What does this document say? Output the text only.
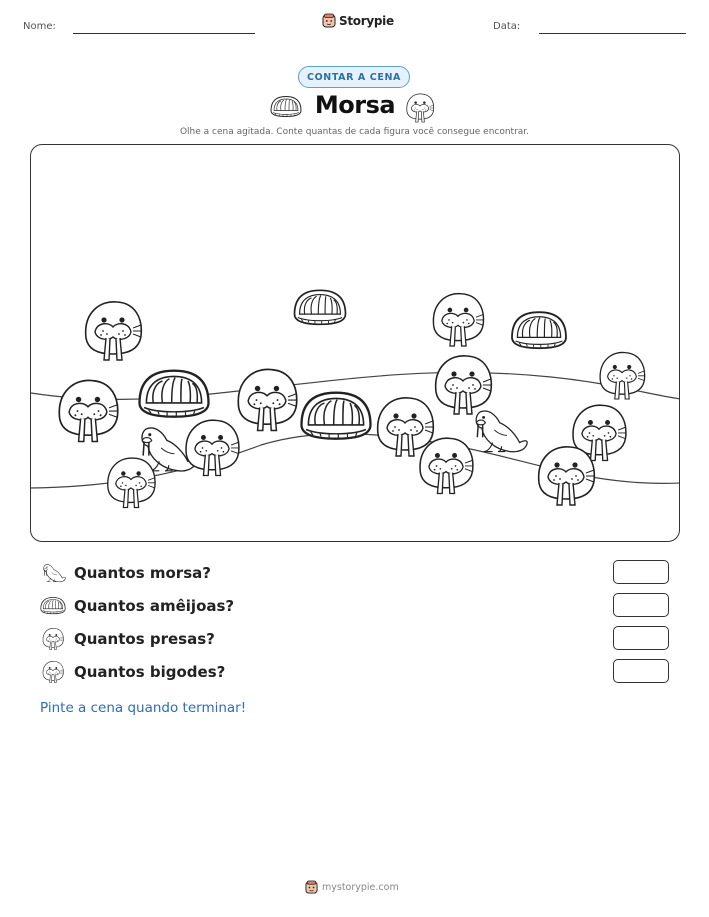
Nome:	Storypie	Data:
CONTAR A CENA
Morsa
Olhe a cena agitada. Conte quantas de cada figura você consegue encontrar.
Quantos morsa?
Quantos amêijoas?
Quantos presas?
Quantos bigodes?
Pinte a cena quando terminar!
mystorypie.com
